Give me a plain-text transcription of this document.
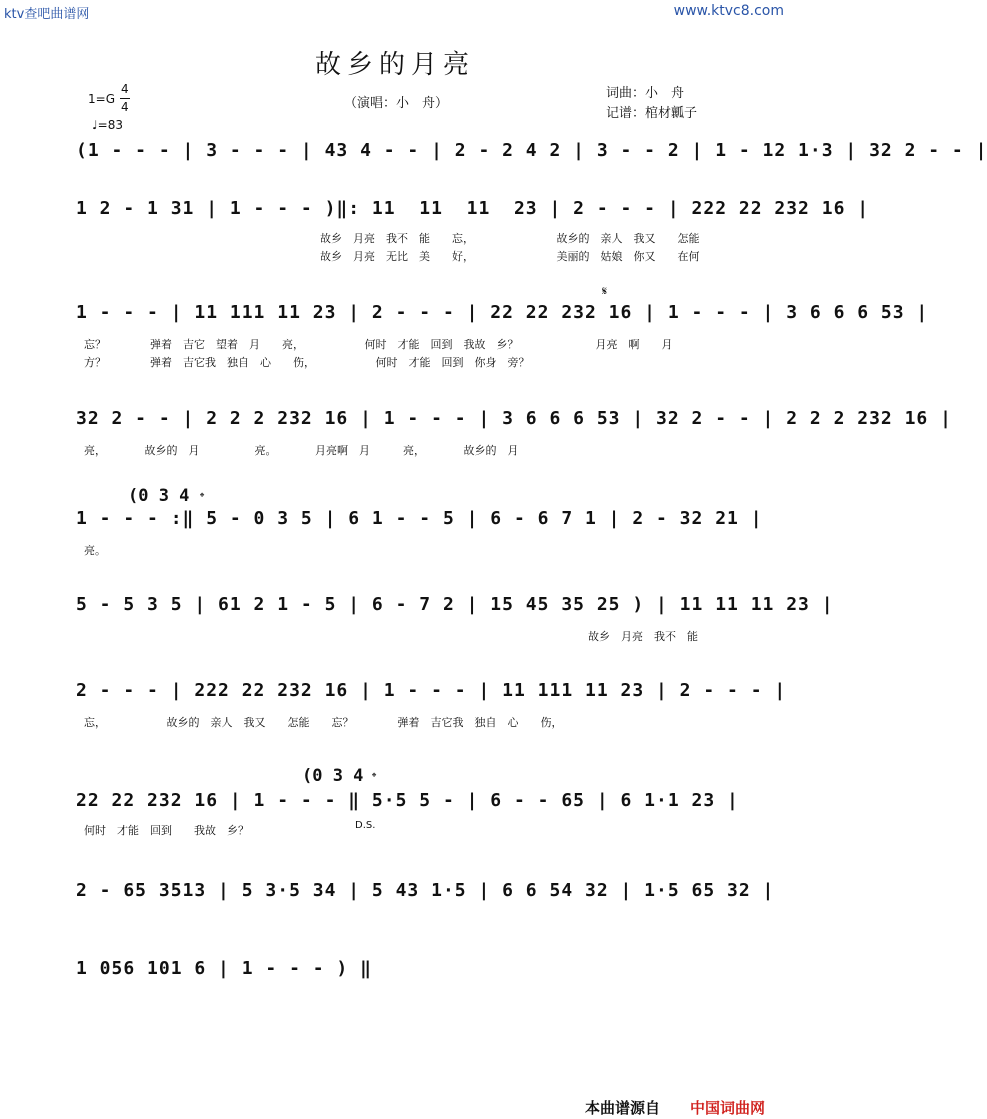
ktv查吧曲谱网	www.ktvc8.com
故乡的月亮
（演唱：小　舟）
词曲：小　舟
记谱：棺材瓤子
1=G
4
4
♩=83
(1 - - - | 3 - - - | 43 4 - - | 2 - 2 4 2 | 3 - - 2 | 1 - 12 1·3 | 32 2 - - |
1 2 - 1 31 | 1 - - - )‖: 11  11  11  23 | 2 - - - | 222 22 232 16 |
故乡　月亮　我不　能　　忘，　　　　　　　　故乡的　亲人　我又　　怎能
故乡　月亮　无比　美　　好，　　　　　　　　美丽的　姑娘　你又　　在何
1 - - - | 11 111 11 23 | 2 - - - | 22 22 232 16 | 1 - - - | 3 6 6 6 53 |
忘？　　　　弹着　吉它　望着　月　　亮，　　　　　　何时　才能　回到　我故　乡？　　　　　　　月亮　啊　　月
方？　　　　弹着　吉它我　独自　心　　伤，　　　　　　何时　才能　回到　你身　旁？
32 2 - - | 2 2 2 232 16 | 1 - - - | 3 6 6 6 53 | 32 2 - - | 2 2 2 232 16 |
亮，　　　　故乡的　月　　　　　亮。　　　　月亮啊　月　　　亮，　　　　故乡的　月
1 - - - :‖ 5 - 0 3 5 | 6 1 - - 5 | 6 - 6 7 1 | 2 - 32 21 |
亮。
(0 3 4 𝄌
𝄋
5 - 5 3 5 | 61 2 1 - 5 | 6 - 7 2 | 15 45 35 25 ) | 11 11 11 23 |
故乡　月亮　我不　能
2 - - - | 222 22 232 16 | 1 - - - | 11 111 11 23 | 2 - - - |
忘，　　　　　　故乡的　亲人　我又　　怎能　　忘？　　　　弹着　吉它我　独自　心　　伤，
22 22 232 16 | 1 - - - ‖ 5·5 5 - | 6 - - 65 | 6 1·1 23 |
何时　才能　回到　　我故　乡？
(0 3 4 𝄌
D.S.
2 - 65 3513 | 5 3·5 34 | 5 43 1·5 | 6 6 54 32 | 1·5 65 32 |
1 056 101 6 | 1 - - - ) ‖
本曲谱源自 中国词曲网
